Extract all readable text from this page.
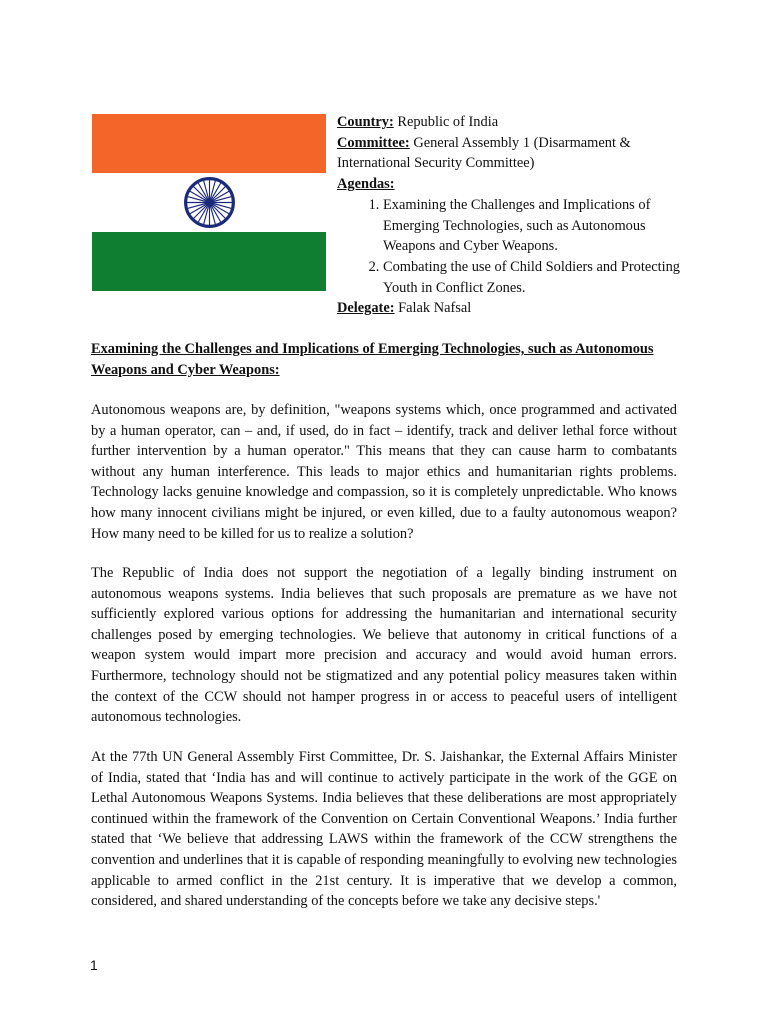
Country: Republic of India

Committee: General Assembly 1 (Disarmament & International Security Committee)

Agendas:

1. Examining the Challenges and Implications of Emerging Technologies, such as Autonomous Weapons and Cyber Weapons.
2. Combating the use of Child Soldiers and Protecting Youth in Conflict Zones.

Delegate: Falak Nafsal

Examining the Challenges and Implications of Emerging Technologies, such as Autonomous Weapons and Cyber Weapons:

Autonomous weapons are, by definition, "weapons systems which, once programmed and activated by a human operator, can – and, if used, do in fact – identify, track and deliver lethal force without further intervention by a human operator." This means that they can cause harm to combatants without any human interference. This leads to major ethics and humanitarian rights problems. Technology lacks genuine knowledge and compassion, so it is completely unpredictable. Who knows how many innocent civilians might be injured, or even killed, due to a faulty autonomous weapon? How many need to be killed for us to realize a solution?

The Republic of India does not support the negotiation of a legally binding instrument on autonomous weapons systems. India believes that such proposals are premature as we have not sufficiently explored various options for addressing the humanitarian and international security challenges posed by emerging technologies. We believe that autonomy in critical functions of a weapon system would impart more precision and accuracy and would avoid human errors. Furthermore, technology should not be stigmatized and any potential policy measures taken within the context of the CCW should not hamper progress in or access to peaceful users of intelligent autonomous technologies.

At the 77th UN General Assembly First Committee, Dr. S. Jaishankar, the External Affairs Minister of India, stated that ‘India has and will continue to actively participate in the work of the GGE on Lethal Autonomous Weapons Systems. India believes that these deliberations are most appropriately continued within the framework of the Convention on Certain Conventional Weapons.’ India further stated that ‘We believe that addressing LAWS within the framework of the CCW strengthens the convention and underlines that it is capable of responding meaningfully to evolving new technologies applicable to armed conflict in the 21st century. It is imperative that we develop a common, considered, and shared understanding of the concepts before we take any decisive steps.'

1
